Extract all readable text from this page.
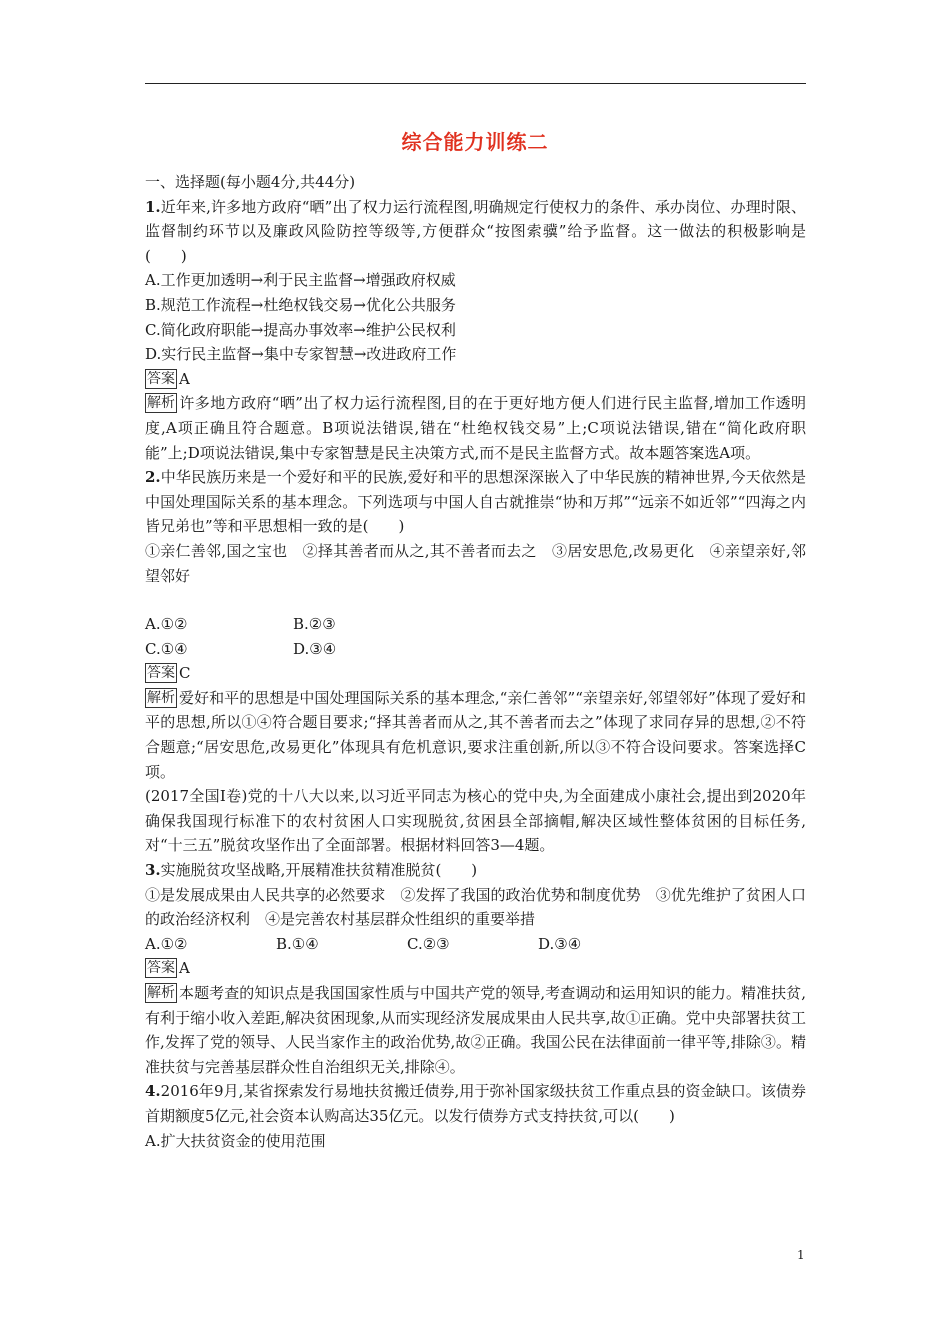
综合能力训练二

一、选择题(每小题4分,共44分)

1.近年来,许多地方政府“晒”出了权力运行流程图,明确规定行使权力的条件、承办岗位、办理时限、监督制约环节以及廉政风险防控等级等,方便群众“按图索骥”给予监督。这一做法的积极影响是(　　)

A.工作更加透明→利于民主监督→增强政府权威

B.规范工作流程→杜绝权钱交易→优化公共服务

C.简化政府职能→提高办事效率→维护公民权利

D.实行民主监督→集中专家智慧→改进政府工作

答案 A

解析 许多地方政府“晒”出了权力运行流程图,目的在于更好地方便人们进行民主监督,增加工作透明度,A项正确且符合题意。B项说法错误,错在“杜绝权钱交易”上;C项说法错误,错在“简化政府职能”上;D项说法错误,集中专家智慧是民主决策方式,而不是民主监督方式。故本题答案选A项。

2.中华民族历来是一个爱好和平的民族,爱好和平的思想深深嵌入了中华民族的精神世界,今天依然是中国处理国际关系的基本理念。下列选项与中国人自古就推崇“协和万邦”“远亲不如近邻”“四海之内皆兄弟也”等和平思想相一致的是(　　)

①亲仁善邻,国之宝也　②择其善者而从之,其不善者而去之　③居安思危,改易更化　④亲望亲好,邻望邻好

A.①②	B.②③

C.①④	D.③④

答案 C

解析 爱好和平的思想是中国处理国际关系的基本理念,“亲仁善邻”“亲望亲好,邻望邻好”体现了爱好和平的思想,所以①④符合题目要求;“择其善者而从之,其不善者而去之”体现了求同存异的思想,②不符合题意;“居安思危,改易更化”体现具有危机意识,要求注重创新,所以③不符合设问要求。答案选择C项。

(2017全国Ⅰ卷)党的十八大以来,以习近平同志为核心的党中央,为全面建成小康社会,提出到2020年确保我国现行标准下的农村贫困人口实现脱贫,贫困县全部摘帽,解决区域性整体贫困的目标任务,对“十三五”脱贫攻坚作出了全面部署。根据材料回答3—4题。

3.实施脱贫攻坚战略,开展精准扶贫精准脱贫(　　)

①是发展成果由人民共享的必然要求　②发挥了我国的政治优势和制度优势　③优先维护了贫困人口的政治经济权利　④是完善农村基层群众性组织的重要举措

A.①②	B.①④	C.②③	D.③④

答案 A

解析 本题考查的知识点是我国国家性质与中国共产党的领导,考查调动和运用知识的能力。精准扶贫,有利于缩小收入差距,解决贫困现象,从而实现经济发展成果由人民共享,故①正确。党中央部署扶贫工作,发挥了党的领导、人民当家作主的政治优势,故②正确。我国公民在法律面前一律平等,排除③。精准扶贫与完善基层群众性自治组织无关,排除④。

4.2016年9月,某省探索发行易地扶贫搬迁债券,用于弥补国家级扶贫工作重点县的资金缺口。该债券首期额度5亿元,社会资本认购高达35亿元。以发行债券方式支持扶贫,可以(　　)

A.扩大扶贫资金的使用范围

1
